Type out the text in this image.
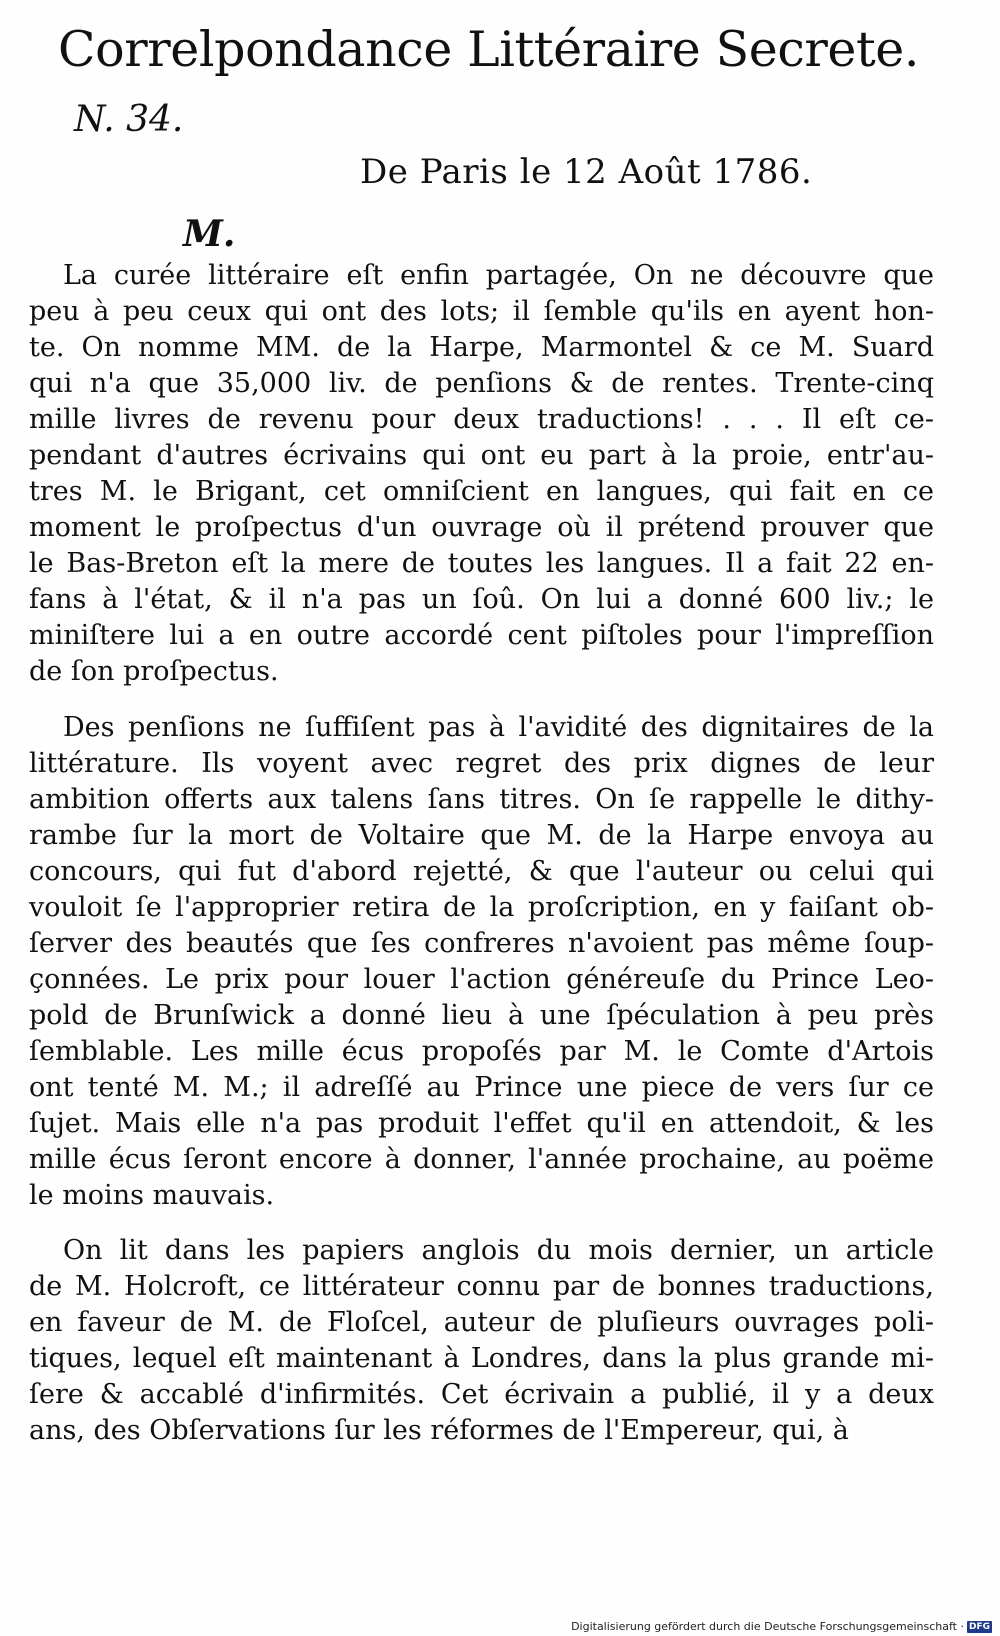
Correlpondance Littéraire Secrete.
N. 34.
De Paris le 12 Août 1786.
M.
La curée littéraire eſt enfin partagée, On ne découvre que
peu à peu ceux qui ont des lots; il ſemble qu'ils en ayent hon-
te. On nomme MM. de la Harpe, Marmontel & ce M. Suard
qui n'a que 35,000 liv. de penſions & de rentes. Trente-cinq
mille livres de revenu pour deux traductions! . . . Il eſt ce-
pendant d'autres écrivains qui ont eu part à la proie, entr'au-
tres M. le Brigant, cet omniſcient en langues, qui fait en ce
moment le proſpectus d'un ouvrage où il prétend prouver que
le Bas-Breton eſt la mere de toutes les langues. Il a fait 22 en-
fans à l'état, & il n'a pas un ſoû. On lui a donné 600 liv.; le
miniſtere lui a en outre accordé cent piſtoles pour l'impreſſion
de ſon proſpectus.
Des penſions ne ſuffiſent pas à l'avidité des dignitaires de la
littérature. Ils voyent avec regret des prix dignes de leur
ambition offerts aux talens ſans titres. On ſe rappelle le dithy-
rambe ſur la mort de Voltaire que M. de la Harpe envoya au
concours, qui fut d'abord rejetté, & que l'auteur ou celui qui
vouloit ſe l'approprier retira de la proſcription, en y faiſant ob-
ſerver des beautés que ſes confreres n'avoient pas même ſoup-
çonnées. Le prix pour louer l'action généreuſe du Prince Leo-
pold de Brunſwick a donné lieu à une ſpéculation à peu près
ſemblable. Les mille écus propoſés par M. le Comte d'Artois
ont tenté M. M.; il adreſſé au Prince une piece de vers ſur ce
ſujet. Mais elle n'a pas produit l'effet qu'il en attendoit, & les
mille écus ſeront encore à donner, l'année prochaine, au poëme
le moins mauvais.
On lit dans les papiers anglois du mois dernier, un article
de M. Holcroft, ce littérateur connu par de bonnes traductions,
en faveur de M. de Floſcel, auteur de pluſieurs ouvrages poli-
tiques, lequel eſt maintenant à Londres, dans la plus grande mi-
ſere & accablé d'infirmités. Cet écrivain a publié, il y a deux
ans, des Obſervations ſur les réformes de l'Empereur, qui, à
Digitalisierung gefördert durch die Deutsche Forschungsgemeinschaft · DFG
